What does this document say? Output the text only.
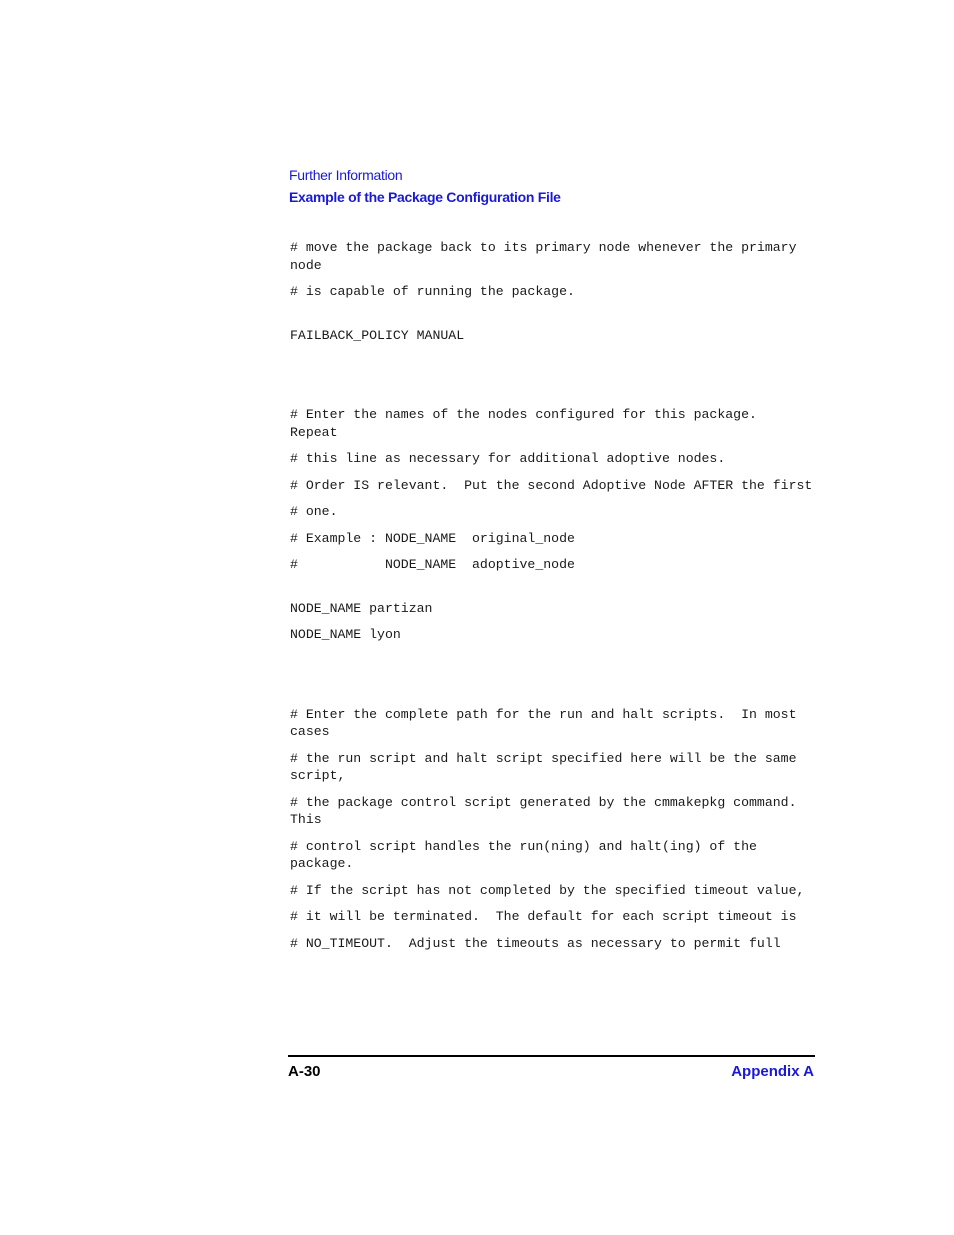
Further Information
Example of the Package Configuration File
# move the package back to its primary node whenever the primary node
# is capable of running the package.
FAILBACK_POLICY MANUAL
# Enter the names of the nodes configured for this package.  Repeat
# this line as necessary for additional adoptive nodes.
# Order IS relevant.  Put the second Adoptive Node AFTER the first
# one.
# Example : NODE_NAME  original_node
#           NODE_NAME  adoptive_node
NODE_NAME partizan
NODE_NAME lyon
# Enter the complete path for the run and halt scripts.  In most cases
# the run script and halt script specified here will be the same script,
# the package control script generated by the cmmakepkg command.  This
# control script handles the run(ning) and halt(ing) of the package.
# If the script has not completed by the specified timeout value,
# it will be terminated.  The default for each script timeout is
# NO_TIMEOUT.  Adjust the timeouts as necessary to permit full
A-30	Appendix A
